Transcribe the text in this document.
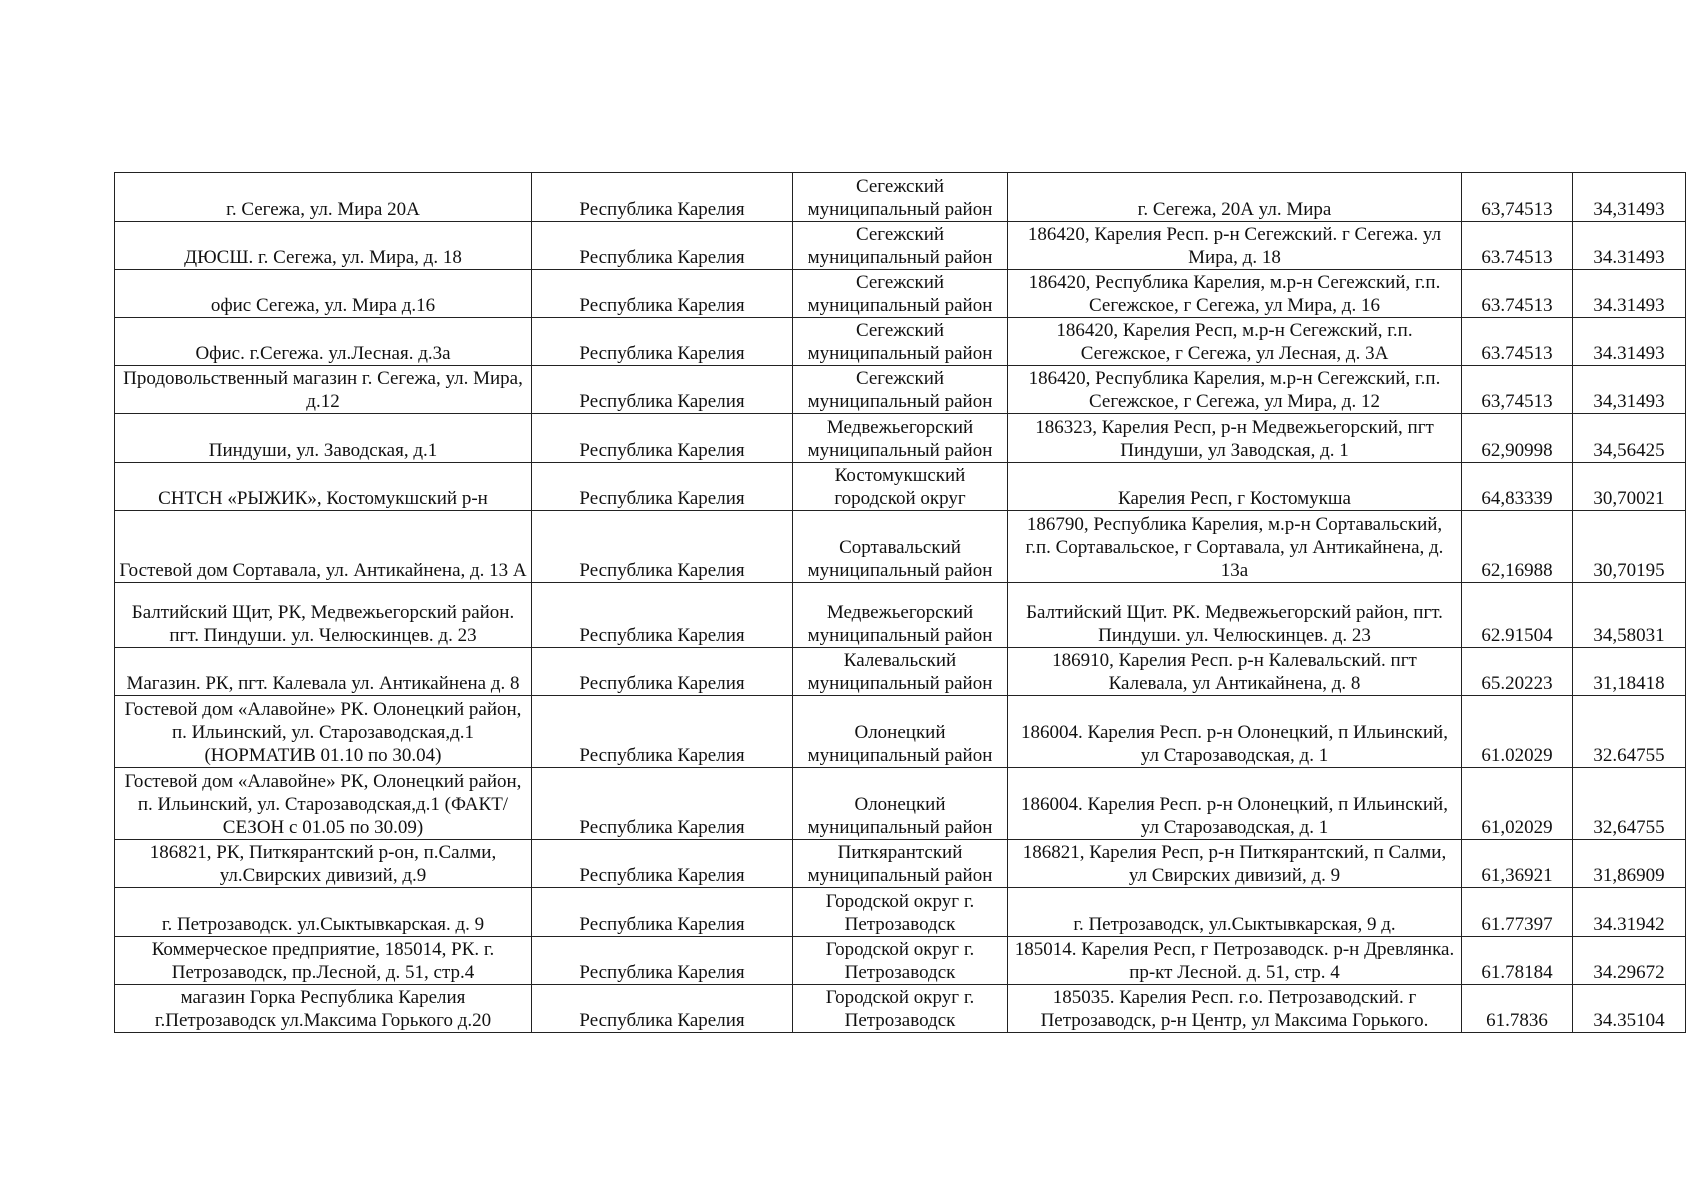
г. Сегежа, ул. Мира 20А	Республика Карелия	Сегежский муниципальный район	г. Сегежа, 20А ул. Мира	63,74513	34,31493
ДЮСШ. г. Сегежа, ул. Мира, д. 18	Республика Карелия	Сегежский муниципальный район	186420, Карелия Респ. р-н Сегежский. г Сегежа. ул Мира, д. 18	63.74513	34.31493
офис Сегежа, ул. Мира д.16	Республика Карелия	Сегежский муниципальный район	186420, Республика Карелия, м.р-н Сегежский, г.п. Сегежское, г Сегежа, ул Мира, д. 16	63.74513	34.31493
Офис. г.Сегежа. ул.Лесная. д.3а	Республика Карелия	Сегежский муниципальный район	186420, Карелия Респ, м.р-н Сегежский, г.п. Сегежское, г Сегежа, ул Лесная, д. 3А	63.74513	34.31493
Продовольственный магазин г. Сегежа, ул. Мира, д.12	Республика Карелия	Сегежский муниципальный район	186420, Республика Карелия, м.р-н Сегежский, г.п. Сегежское, г Сегежа, ул Мира, д. 12	63,74513	34,31493
Пиндуши, ул. Заводская, д.1	Республика Карелия	Медвежьегорский муниципальный район	186323, Карелия Респ, р-н Медвежьегорский, пгт Пиндуши, ул Заводская, д. 1	62,90998	34,56425
СНТСН «РЫЖИК», Костомукшский р-н	Республика Карелия	Костомукшский городской округ	Карелия Респ, г Костомукша	64,83339	30,70021
Гостевой дом Сортавала, ул. Антикайнена, д. 13 А	Республика Карелия	Сортавальский муниципальный район	186790, Республика Карелия, м.р-н Сортавальский, г.п. Сортавальское, г Сортавала, ул Антикайнена, д. 13а	62,16988	30,70195
Балтийский Щит, РК, Медвежьегорский район. пгт. Пиндуши. ул. Челюскинцев. д. 23	Республика Карелия	Медвежьегорский муниципальный район	Балтийский Щит. РК. Медвежьегорский район, пгт. Пиндуши. ул. Челюскинцев. д. 23	62.91504	34,58031
Магазин. РК, пгт. Калевала ул. Антикайнена д. 8	Республика Карелия	Калевальский муниципальный район	186910, Карелия Респ. р-н Калевальский. пгт Калевала, ул Антикайнена, д. 8	65.20223	31,18418
Гостевой дом «Алавойне» РК. Олонецкий район, п. Ильинский, ул. Старозаводская,д.1 (НОРМАТИВ 01.10 по 30.04)	Республика Карелия	Олонецкий муниципальный район	186004. Карелия Респ. р-н Олонецкий, п Ильинский, ул Старозаводская, д. 1	61.02029	32.64755
Гостевой дом «Алавойне» РК, Олонецкий район, п. Ильинский, ул. Старозаводская,д.1 (ФАКТ/СЕЗОН с 01.05 по 30.09)	Республика Карелия	Олонецкий муниципальный район	186004. Карелия Респ. р-н Олонецкий, п Ильинский, ул Старозаводская, д. 1	61,02029	32,64755
186821, РК, Питкярантский р-он, п.Салми, ул.Свирских дивизий, д.9	Республика Карелия	Питкярантский муниципальный район	186821, Карелия Респ, р-н Питкярантский, п Салми, ул Свирских дивизий, д. 9	61,36921	31,86909
г. Петрозаводск. ул.Сыктывкарская. д. 9	Республика Карелия	Городской округ г. Петрозаводск	г. Петрозаводск, ул.Сыктывкарская, 9 д.	61.77397	34.31942
Коммерческое предприятие, 185014, РК. г. Петрозаводск, пр.Лесной, д. 51, стр.4	Республика Карелия	Городской округ г. Петрозаводск	185014. Карелия Респ, г Петрозаводск. р-н Древлянка. пр-кт Лесной. д. 51, стр. 4	61.78184	34.29672
магазин Горка Республика Карелия г.Петрозаводск ул.Максима Горького д.20	Республика Карелия	Городской округ г. Петрозаводск	185035. Карелия Респ. г.о. Петрозаводский. г Петрозаводск, р-н Центр, ул Максима Горького.	61.7836	34.35104
